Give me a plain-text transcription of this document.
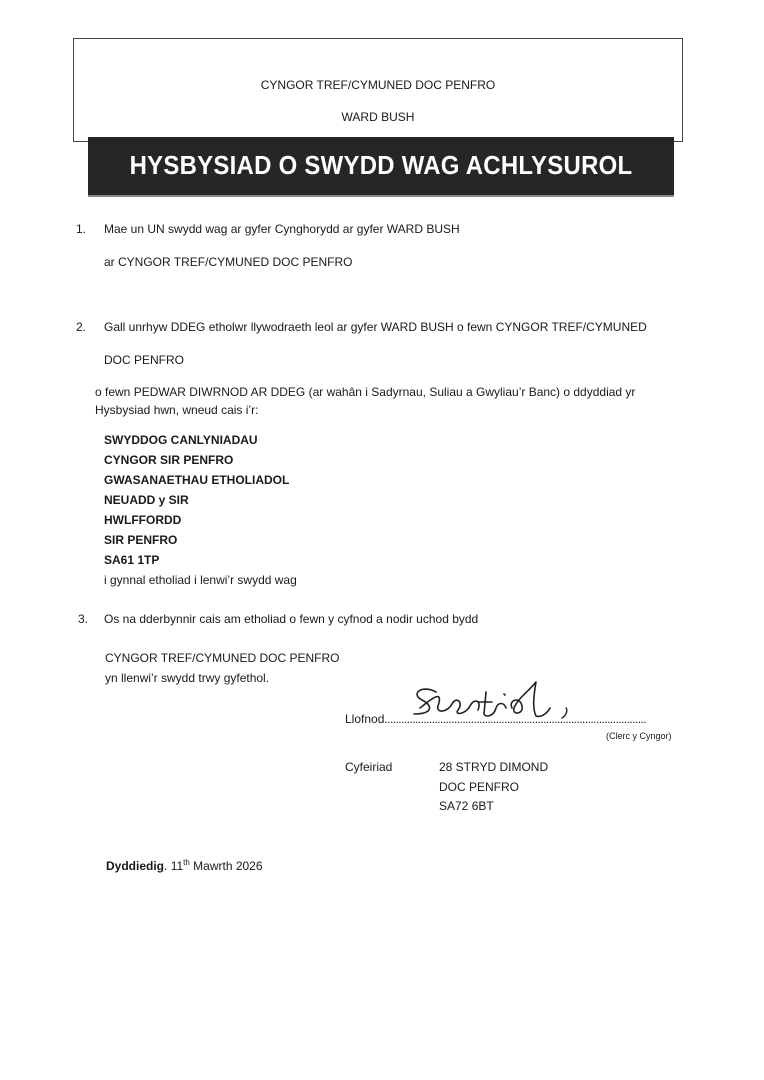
CYNGOR TREF/CYMUNED DOC PENFRO
WARD BUSH
HYSBYSIAD O SWYDD WAG ACHLYSUROL
1. Mae un UN swydd wag ar gyfer Cynghorydd ar gyfer WARD BUSH
ar CYNGOR TREF/CYMUNED DOC PENFRO
2. Gall unrhyw DDEG etholwr llywodraeth leol ar gyfer WARD BUSH o fewn CYNGOR TREF/CYMUNED
DOC PENFRO
o fewn PEDWAR DIWRNOD AR DDEG (ar wahân i Sadyrnau, Suliau a Gwyliau’r Banc) o ddyddiad yr
Hysbysiad hwn, wneud cais i’r:
SWYDDOG CANLYNIADAU
CYNGOR SIR PENFRO
GWASANAETHAU ETHOLIADOL
NEUADD y SIR
HWLFFORDD
SIR PENFRO
SA61 1TP
i gynnal etholiad i lenwi’r swydd wag
3. Os na dderbynnir cais am etholiad o fewn y cyfnod a nodir uchod bydd
CYNGOR TREF/CYMUNED DOC PENFRO
yn llenwi’r swydd trwy gyfethol.
Llofnod..............................................................................................
(Clerc y Cyngor)
Cyfeiriad	28 STRYD DIMOND
DOC PENFRO
SA72 6BT
Dyddiedig. 11th Mawrth 2026
